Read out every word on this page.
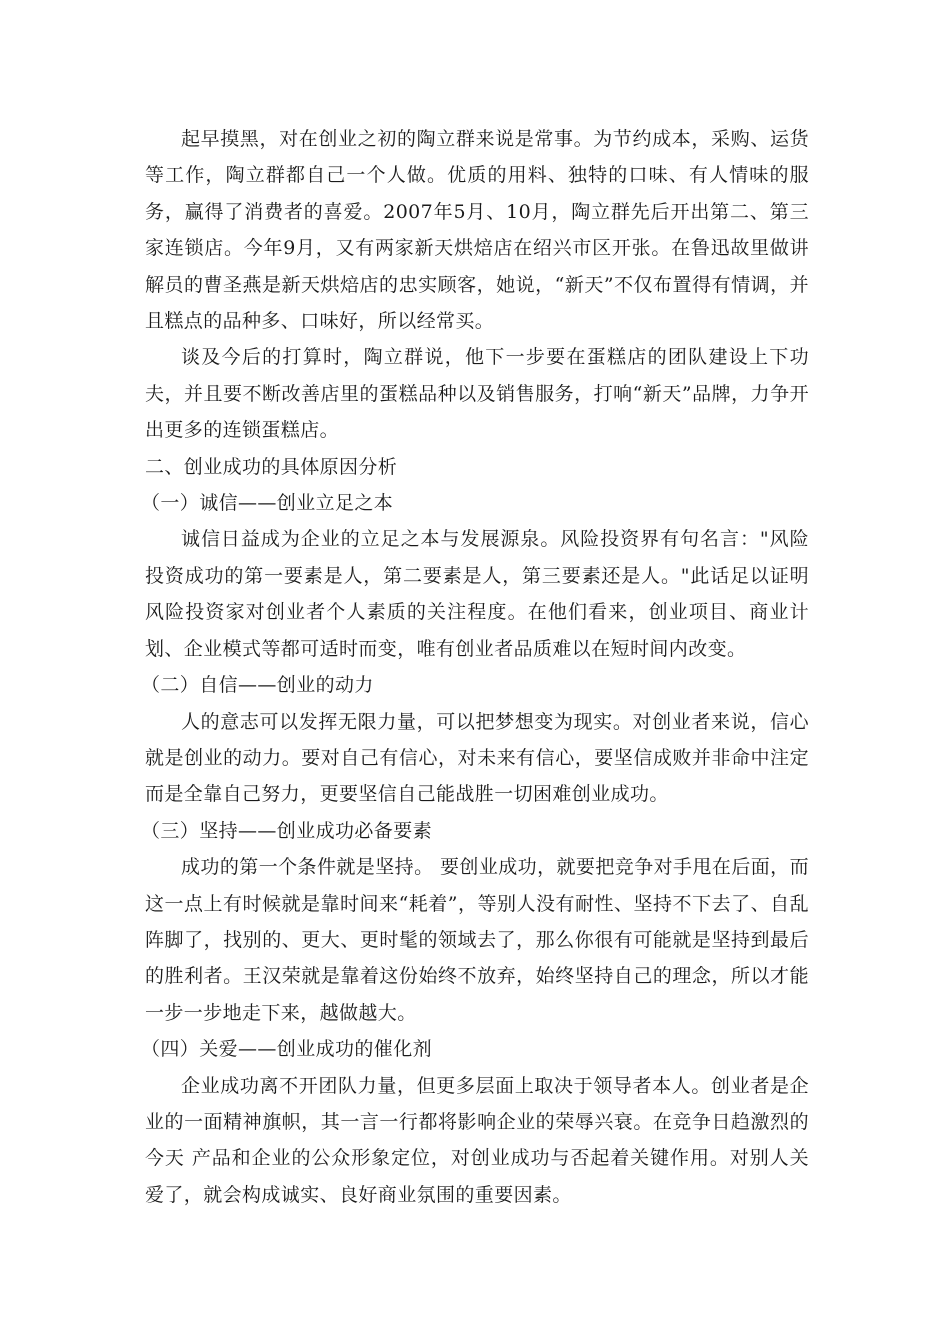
起早摸黑，对在创业之初的陶立群来说是常事。为节约成本，采购、运货等工作，陶立群都自己一个人做。优质的用料、独特的口味、有人情味的服务，赢得了消费者的喜爱。2007年5月、10月，陶立群先后开出第二、第三家连锁店。今年9月，又有两家新天烘焙店在绍兴市区开张。在鲁迅故里做讲解员的曹圣燕是新天烘焙店的忠实顾客，她说，“新天”不仅布置得有情调，并且糕点的品种多、口味好，所以经常买。

谈及今后的打算时，陶立群说，他下一步要在蛋糕店的团队建设上下功夫，并且要不断改善店里的蛋糕品种以及销售服务，打响“新天”品牌，力争开出更多的连锁蛋糕店。

二、创业成功的具体原因分析

（一）诚信——创业立足之本

诚信日益成为企业的立足之本与发展源泉。风险投资界有句名言："风险投资成功的第一要素是人，第二要素是人，第三要素还是人。"此话足以证明风险投资家对创业者个人素质的关注程度。在他们看来，创业项目、商业计划、企业模式等都可适时而变，唯有创业者品质难以在短时间内改变。

（二）自信——创业的动力

人的意志可以发挥无限力量，可以把梦想变为现实。对创业者来说，信心就是创业的动力。要对自己有信心，对未来有信心，要坚信成败并非命中注定而是全靠自己努力，更要坚信自己能战胜一切困难创业成功。

（三）坚持——创业成功必备要素

成功的第一个条件就是坚持。 要创业成功，就要把竞争对手甩在后面，而 这一点上有时候就是靠时间来“耗着”，等别人没有耐性、坚持不下去了、自乱阵脚了，找别的、更大、更时髦的领域去了，那么你很有可能就是坚持到最后的胜利者。王汉荣就是靠着这份始终不放弃，始终坚持自己的理念，所以才能一步一步地走下来，越做越大。

（四）关爱——创业成功的催化剂

企业成功离不开团队力量，但更多层面上取决于领导者本人。创业者是企业的一面精神旗帜，其一言一行都将影响企业的荣辱兴衰。在竞争日趋激烈的今天 产品和企业的公众形象定位，对创业成功与否起着关键作用。对别人关爱了，就会构成诚实、良好商业氛围的重要因素。
